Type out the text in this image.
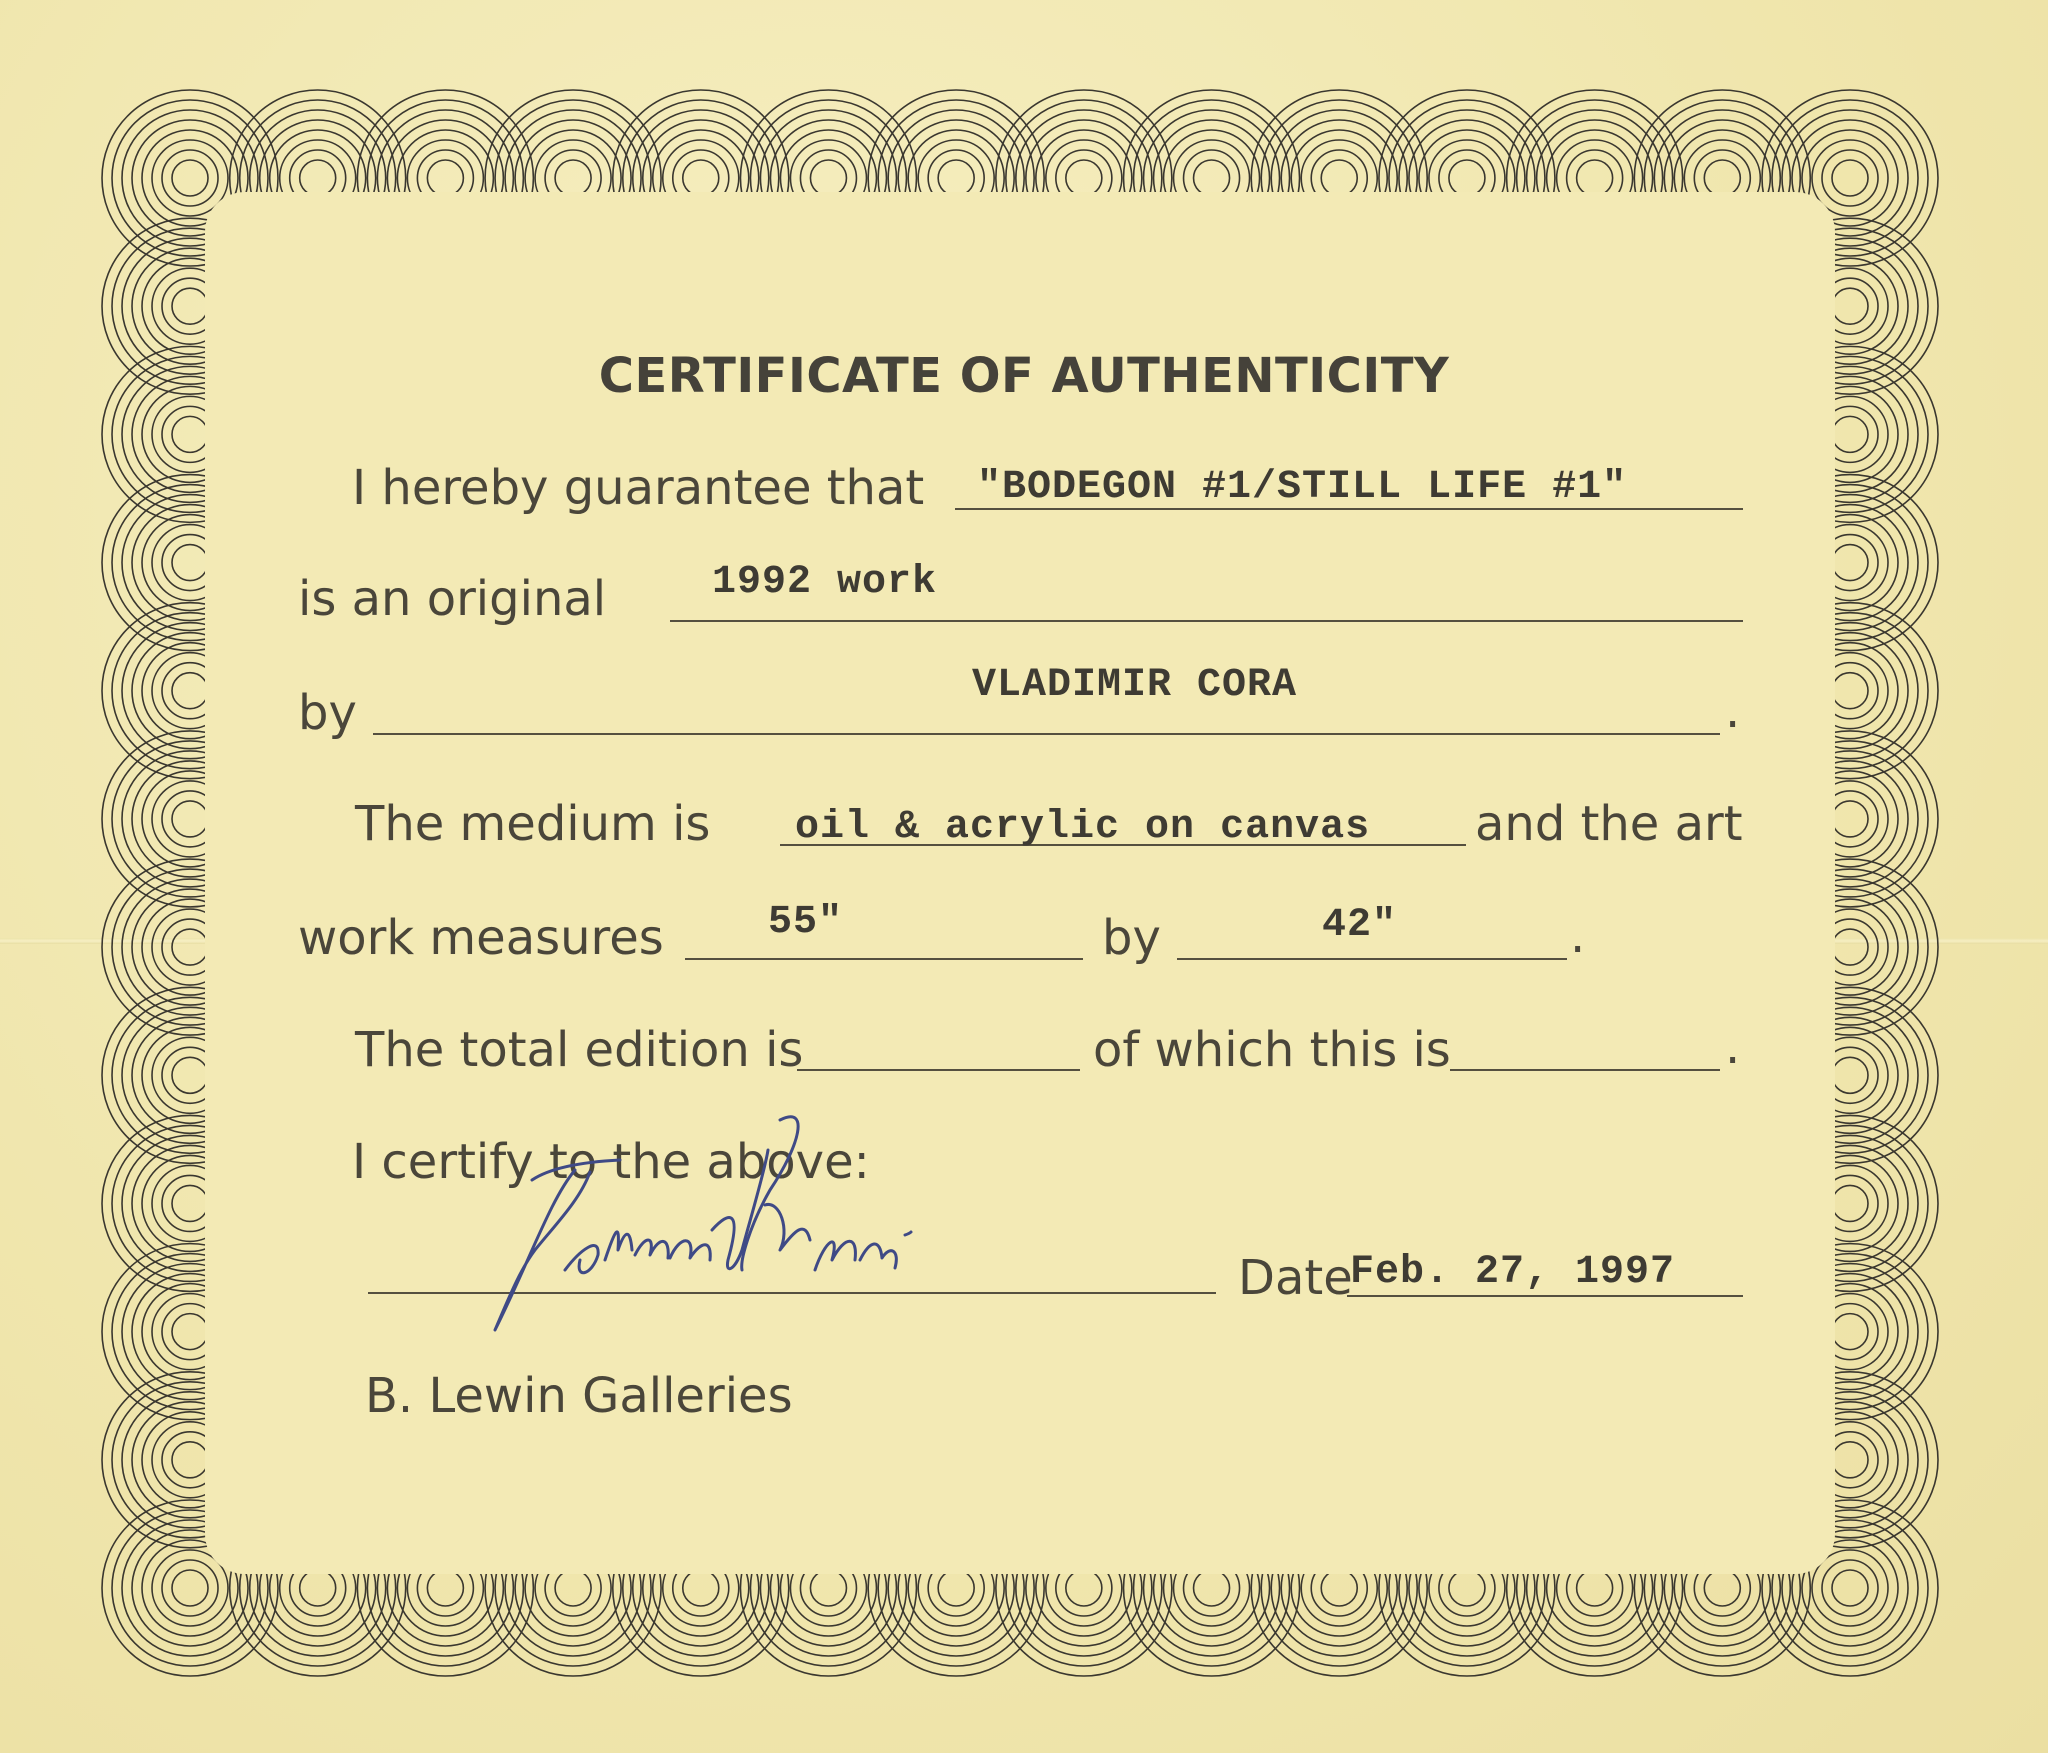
CERTIFICATE OF AUTHENTICITY
I hereby guarantee that "BODEGON #1/STILL LIFE #1"
is an original	1992 work
by	VLADIMIR CORA	.
The medium is oil & acrylic on canvas and the art
work measures	55"	by	42"	.
The total edition is	of which this is	.
I certify to the above:
Date
Feb. 27, 1997
B. Lewin Galleries
